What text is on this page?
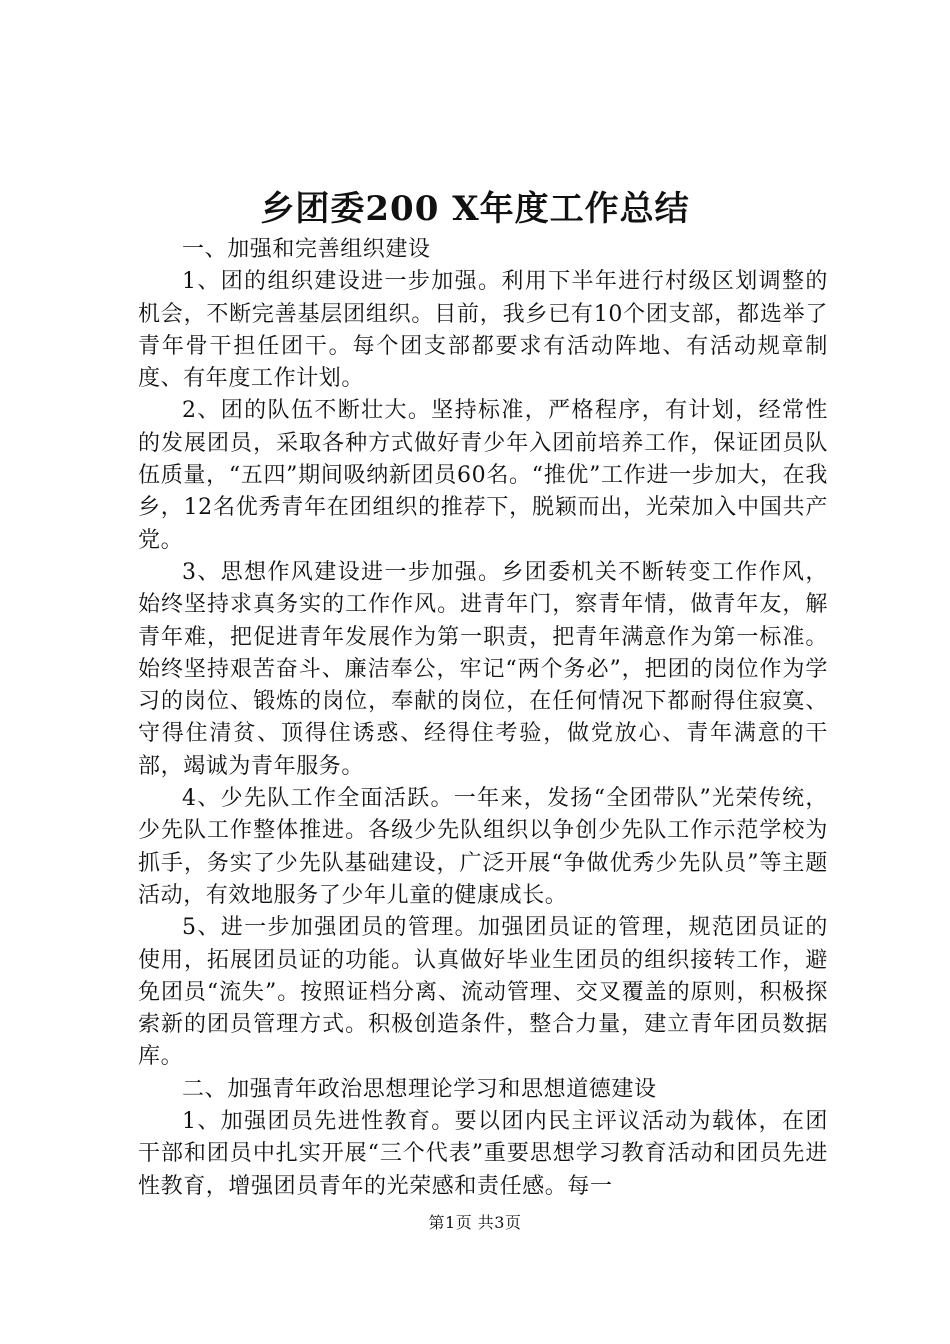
乡团委200 X年度工作总结

一、加强和完善组织建设

1、团的组织建设进一步加强。利用下半年进行村级区划调整的机会，不断完善基层团组织。目前，我乡已有10个团支部，都选举了青年骨干担任团干。每个团支部都要求有活动阵地、有活动规章制度、有年度工作计划。

2、团的队伍不断壮大。坚持标准，严格程序，有计划，经常性的发展团员，采取各种方式做好青少年入团前培养工作，保证团员队伍质量，“五四”期间吸纳新团员60名。“推优”工作进一步加大，在我乡，12名优秀青年在团组织的推荐下，脱颖而出，光荣加入中国共产党。

3、思想作风建设进一步加强。乡团委机关不断转变工作作风，始终坚持求真务实的工作作风。进青年门，察青年情，做青年友，解青年难，把促进青年发展作为第一职责，把青年满意作为第一标准。始终坚持艰苦奋斗、廉洁奉公，牢记“两个务必”，把团的岗位作为学习的岗位、锻炼的岗位，奉献的岗位，在任何情况下都耐得住寂寞、守得住清贫、顶得住诱惑、经得住考验，做党放心、青年满意的干部，竭诚为青年服务。

4、少先队工作全面活跃。一年来，发扬“全团带队”光荣传统，少先队工作整体推进。各级少先队组织以争创少先队工作示范学校为抓手，务实了少先队基础建设，广泛开展“争做优秀少先队员”等主题活动，有效地服务了少年儿童的健康成长。

5、进一步加强团员的管理。加强团员证的管理，规范团员证的使用，拓展团员证的功能。认真做好毕业生团员的组织接转工作，避免团员“流失”。按照证档分离、流动管理、交叉覆盖的原则，积极探索新的团员管理方式。积极创造条件，整合力量，建立青年团员数据库。

二、加强青年政治思想理论学习和思想道德建设

1、加强团员先进性教育。要以团内民主评议活动为载体，在团干部和团员中扎实开展“三个代表”重要思想学习教育活动和团员先进性教育，增强团员青年的光荣感和责任感。每一

第1页 共3页
